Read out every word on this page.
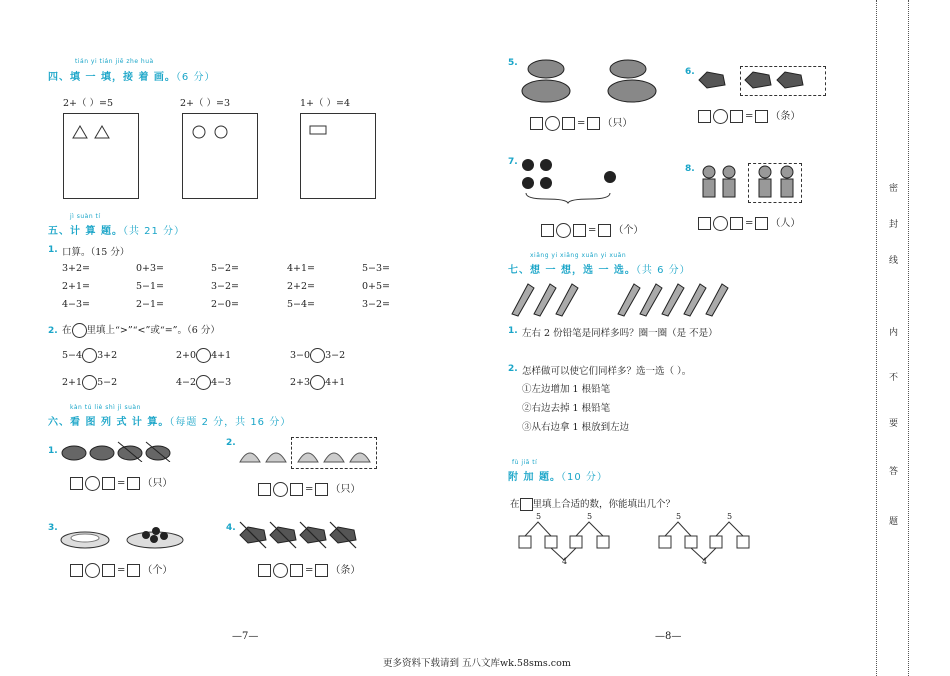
tián yi tián jiē zhe huà
四、填 一 填，接 着 画。（6 分）
2+（ ）=5	2+（ ）=3	1+（ ）=4
jì suàn tí
五、计 算 题。（共 21 分）
1. 口算。（15 分）
3+2=	0+3=	5−2=	4+1=	5−3=
2+1=	5−1=	3−2=	2+2=	0+5=
4−3=	2−1=	2−0=	5−4=	3−2=
2. 在 里填上“>”“<”或“=”。（6 分）
5−4 3+2	2+0 4+1	3−0 3−2
2+1 5−2	4−2 4−3	2+3 4+1
kàn tú liè shì jì suàn
六、看 图 列 式 计 算。（每题 2 分，共 16 分）
1.
= （只）
2.
= （只）
3.
= （个）
4.
= （条）
—7—
5.
= （只）
6.
= （条）
7.
= （个）
8.
= （人）
xiǎng yi xiǎng xuǎn yi xuǎn
七、想 一 想，选 一 选。（共 6 分）
1. 左右 2 份铅笔是同样多吗？圈一圈（是 不是）
2. 怎样做可以使它们同样多？选一选（ ）。
①左边增加 1 根铅笔
②右边去掉 1 根铅笔
③从右边拿 1 根放到左边
fù jiā tí
附 加 题。（10 分）
在 里填上合适的数，你能填出几个？
5	5
4
5	5
4
—8—
密
封
线
内
不
要
答
题
更多资料下载请到 五八文库wk.58sms.com
